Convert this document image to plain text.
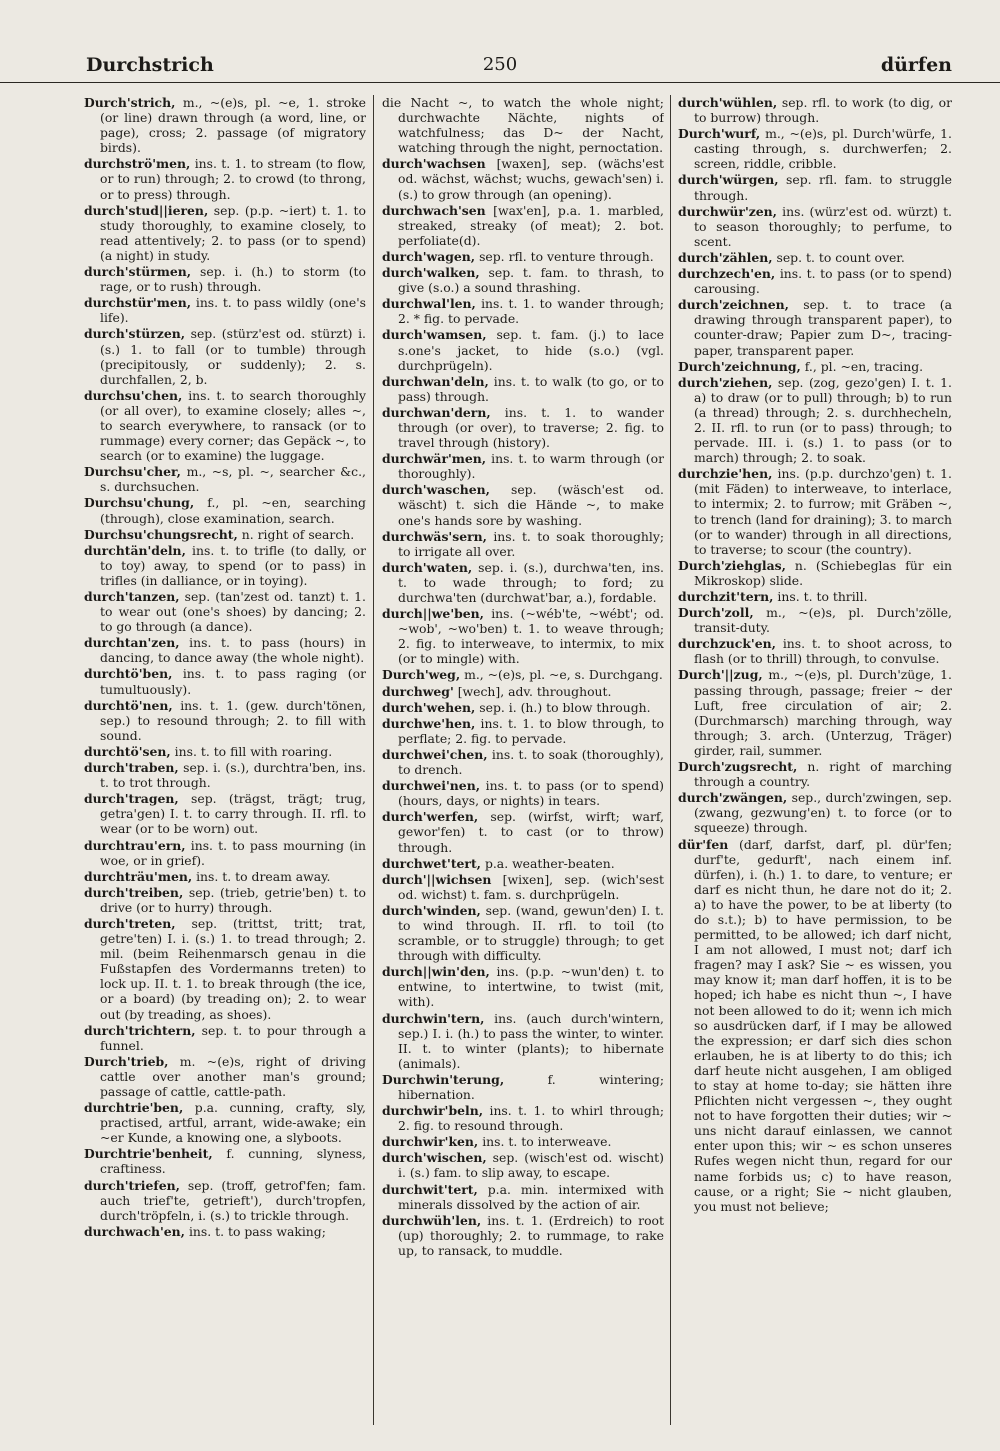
Durchstrich	250	dürfen

Durch'strich, m., ~(e)s, pl. ~e, 1. stroke (or line) drawn through (a word, line, or page), cross; 2. passage (of migratory birds).

durchströ'men, ins. t. 1. to stream (to flow, or to run) through; 2. to crowd (to throng, or to press) through.

durch'stud||ieren, sep. (p.p. ~iert) t. 1. to study thoroughly, to examine closely, to read attentively; 2. to pass (or to spend) (a night) in study.

durch'stürmen, sep. i. (h.) to storm (to rage, or to rush) through.

durchstür'men, ins. t. to pass wildly (one's life).

durch'stürzen, sep. (stürz'est od. stürzt) i. (s.) 1. to fall (or to tumble) through (precipitously, or suddenly); 2. s. durchfallen, 2, b.

durchsu'chen, ins. t. to search thoroughly (or all over), to examine closely; alles ~, to search everywhere, to ransack (or to rummage) every corner; das Gepäck ~, to search (or to examine) the luggage.

Durchsu'cher, m., ~s, pl. ~, searcher &c., s. durchsuchen.

Durchsu'chung, f., pl. ~en, searching (through), close examination, search.

Durchsu'chungsrecht, n. right of search.

durchtän'deln, ins. t. to trifle (to dally, or to toy) away, to spend (or to pass) in trifles (in dalliance, or in toying).

durch'tanzen, sep. (tan'zest od. tanzt) t. 1. to wear out (one's shoes) by dancing; 2. to go through (a dance).

durchtan'zen, ins. t. to pass (hours) in dancing, to dance away (the whole night).

durchtö'ben, ins. t. to pass raging (or tumultuously).

durchtö'nen, ins. t. 1. (gew. durch'tönen, sep.) to resound through; 2. to fill with sound.

durchtö'sen, ins. t. to fill with roaring.

durch'traben, sep. i. (s.), durchtra'ben, ins. t. to trot through.

durch'tragen, sep. (trägst, trägt; trug, getra'gen) I. t. to carry through. II. rfl. to wear (or to be worn) out.

durchtrau'ern, ins. t. to pass mourning (in woe, or in grief).

durchträu'men, ins. t. to dream away.

durch'treiben, sep. (trieb, getrie'ben) t. to drive (or to hurry) through.

durch'treten, sep. (trittst, tritt; trat, getre'ten) I. i. (s.) 1. to tread through; 2. mil. (beim Reihenmarsch genau in die Fußstapfen des Vordermanns treten) to lock up. II. t. 1. to break through (the ice, or a board) (by treading on); 2. to wear out (by treading, as shoes).

durch'trichtern, sep. t. to pour through a funnel.

Durch'trieb, m. ~(e)s, right of driving cattle over another man's ground; passage of cattle, cattle-path.

durchtrie'ben, p.a. cunning, crafty, sly, practised, artful, arrant, wide-awake; ein ~er Kunde, a knowing one, a slyboots.

Durchtrie'benheit, f. cunning, slyness, craftiness.

durch'triefen, sep. (troff, getrof'fen; fam. auch trief'te, getrieft'), durch'tropfen, durch'tröpfeln, i. (s.) to trickle through.

durchwach'en, ins. t. to pass waking;

die Nacht ~, to watch the whole night; durchwachte Nächte, nights of watchfulness; das D~ der Nacht, watching through the night, pernoctation.

durch'wachsen [waxen], sep. (wächs'est od. wächst, wächst; wuchs, gewach'sen) i. (s.) to grow through (an opening).

durchwach'sen [wax'en], p.a. 1. marbled, streaked, streaky (of meat); 2. bot. perfoliate(d).

durch'wagen, sep. rfl. to venture through.

durch'walken, sep. t. fam. to thrash, to give (s.o.) a sound thrashing.

durchwal'len, ins. t. 1. to wander through; 2. * fig. to pervade.

durch'wamsen, sep. t. fam. (j.) to lace s.one's jacket, to hide (s.o.) (vgl. durchprügeln).

durchwan'deln, ins. t. to walk (to go, or to pass) through.

durchwan'dern, ins. t. 1. to wander through (or over), to traverse; 2. fig. to travel through (history).

durchwär'men, ins. t. to warm through (or thoroughly).

durch'waschen, sep. (wäsch'est od. wäscht) t. sich die Hände ~, to make one's hands sore by washing.

durchwäs'sern, ins. t. to soak thoroughly; to irrigate all over.

durch'waten, sep. i. (s.), durchwa'ten, ins. t. to wade through; to ford; zu durchwa'ten (durchwat'bar, a.), fordable.

durch||we'ben, ins. (~wéb'te, ~wébt'; od. ~wob', ~wo'ben) t. 1. to weave through; 2. fig. to interweave, to intermix, to mix (or to mingle) with.

Durch'weg, m., ~(e)s, pl. ~e, s. Durchgang.

durchweg' [wech], adv. throughout.

durch'wehen, sep. i. (h.) to blow through.

durchwe'hen, ins. t. 1. to blow through, to perflate; 2. fig. to pervade.

durchwei'chen, ins. t. to soak (thoroughly), to drench.

durchwei'nen, ins. t. to pass (or to spend) (hours, days, or nights) in tears.

durch'werfen, sep. (wirfst, wirft; warf, gewor'fen) t. to cast (or to throw) through.

durchwet'tert, p.a. weather-beaten.

durch'||wichsen [wixen], sep. (wich'sest od. wichst) t. fam. s. durchprügeln.

durch'winden, sep. (wand, gewun'den) I. t. to wind through. II. rfl. to toil (to scramble, or to struggle) through; to get through with difficulty.

durch||win'den, ins. (p.p. ~wun'den) t. to entwine, to intertwine, to twist (mit, with).

durchwin'tern, ins. (auch durch'wintern, sep.) I. i. (h.) to pass the winter, to winter. II. t. to winter (plants); to hibernate (animals).

Durchwin'terung, f. wintering; hibernation.

durchwir'beln, ins. t. 1. to whirl through; 2. fig. to resound through.

durchwir'ken, ins. t. to interweave.

durch'wischen, sep. (wisch'est od. wischt) i. (s.) fam. to slip away, to escape.

durchwit'tert, p.a. min. intermixed with minerals dissolved by the action of air.

durchwüh'len, ins. t. 1. (Erdreich) to root (up) thoroughly; 2. to rummage, to rake up, to ransack, to muddle.

durch'wühlen, sep. rfl. to work (to dig, or to burrow) through.

Durch'wurf, m., ~(e)s, pl. Durch'würfe, 1. casting through, s. durchwerfen; 2. screen, riddle, cribble.

durch'würgen, sep. rfl. fam. to struggle through.

durchwür'zen, ins. (würz'est od. würzt) t. to season thoroughly; to perfume, to scent.

durch'zählen, sep. t. to count over.

durchzech'en, ins. t. to pass (or to spend) carousing.

durch'zeichnen, sep. t. to trace (a drawing through transparent paper), to counter-draw; Papier zum D~, tracing-paper, transparent paper.

Durch'zeichnung, f., pl. ~en, tracing.

durch'ziehen, sep. (zog, gezo'gen) I. t. 1. a) to draw (or to pull) through; b) to run (a thread) through; 2. s. durchhecheln, 2. II. rfl. to run (or to pass) through; to pervade. III. i. (s.) 1. to pass (or to march) through; 2. to soak.

durchzie'hen, ins. (p.p. durchzo'gen) t. 1. (mit Fäden) to interweave, to interlace, to intermix; 2. to furrow; mit Gräben ~, to trench (land for draining); 3. to march (or to wander) through in all directions, to traverse; to scour (the country).

Durch'ziehglas, n. (Schiebeglas für ein Mikroskop) slide.

durchzit'tern, ins. t. to thrill.

Durch'zoll, m., ~(e)s, pl. Durch'zölle, transit-duty.

durchzuck'en, ins. t. to shoot across, to flash (or to thrill) through, to convulse.

Durch'||zug, m., ~(e)s, pl. Durch'züge, 1. passing through, passage; freier ~ der Luft, free circulation of air; 2. (Durchmarsch) marching through, way through; 3. arch. (Unterzug, Träger) girder, rail, summer.

Durch'zugsrecht, n. right of marching through a country.

durch'zwängen, sep., durch'zwingen, sep. (zwang, gezwung'en) t. to force (or to squeeze) through.

dür'fen (darf, darfst, darf, pl. dür'fen; durf'te, gedurft', nach einem inf. dürfen), i. (h.) 1. to dare, to venture; er darf es nicht thun, he dare not do it; 2. a) to have the power, to be at liberty (to do s.t.); b) to have permission, to be permitted, to be allowed; ich darf nicht, I am not allowed, I must not; darf ich fragen? may I ask? Sie ~ es wissen, you may know it; man darf hoffen, it is to be hoped; ich habe es nicht thun ~, I have not been allowed to do it; wenn ich mich so ausdrücken darf, if I may be allowed the expression; er darf sich dies schon erlauben, he is at liberty to do this; ich darf heute nicht ausgehen, I am obliged to stay at home to-day; sie hätten ihre Pflichten nicht vergessen ~, they ought not to have forgotten their duties; wir ~ uns nicht darauf einlassen, we cannot enter upon this; wir ~ es schon unseres Rufes wegen nicht thun, regard for our name forbids us; c) to have reason, cause, or a right; Sie ~ nicht glauben, you must not believe;
